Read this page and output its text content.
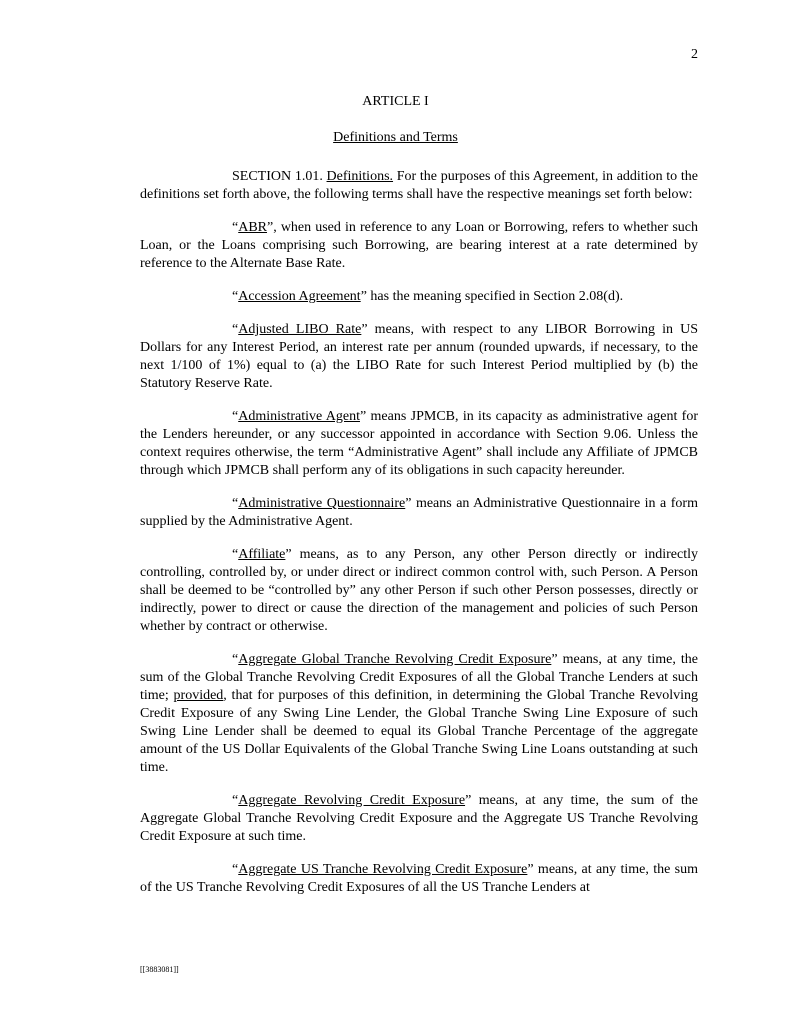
2
ARTICLE I
Definitions and Terms

SECTION 1.01. Definitions. For the purposes of this Agreement, in addition to the definitions set forth above, the following terms shall have the respective meanings set forth below:

“ABR”, when used in reference to any Loan or Borrowing, refers to whether such Loan, or the Loans comprising such Borrowing, are bearing interest at a rate determined by reference to the Alternate Base Rate.

“Accession Agreement” has the meaning specified in Section 2.08(d).

“Adjusted LIBO Rate” means, with respect to any LIBOR Borrowing in US Dollars for any Interest Period, an interest rate per annum (rounded upwards, if necessary, to the next 1/100 of 1%) equal to (a) the LIBO Rate for such Interest Period multiplied by (b) the Statutory Reserve Rate.

“Administrative Agent” means JPMCB, in its capacity as administrative agent for the Lenders hereunder, or any successor appointed in accordance with Section 9.06. Unless the context requires otherwise, the term “Administrative Agent” shall include any Affiliate of JPMCB through which JPMCB shall perform any of its obligations in such capacity hereunder.

“Administrative Questionnaire” means an Administrative Questionnaire in a form supplied by the Administrative Agent.

“Affiliate” means, as to any Person, any other Person directly or indirectly controlling, controlled by, or under direct or indirect common control with, such Person. A Person shall be deemed to be “controlled by” any other Person if such other Person possesses, directly or indirectly, power to direct or cause the direction of the management and policies of such Person whether by contract or otherwise.

“Aggregate Global Tranche Revolving Credit Exposure” means, at any time, the sum of the Global Tranche Revolving Credit Exposures of all the Global Tranche Lenders at such time; provided, that for purposes of this definition, in determining the Global Tranche Revolving Credit Exposure of any Swing Line Lender, the Global Tranche Swing Line Exposure of such Swing Line Lender shall be deemed to equal its Global Tranche Percentage of the aggregate amount of the US Dollar Equivalents of the Global Tranche Swing Line Loans outstanding at such time.

“Aggregate Revolving Credit Exposure” means, at any time, the sum of the Aggregate Global Tranche Revolving Credit Exposure and the Aggregate US Tranche Revolving Credit Exposure at such time.

“Aggregate US Tranche Revolving Credit Exposure” means, at any time, the sum of the US Tranche Revolving Credit Exposures of all the US Tranche Lenders at

[[3883081]]
